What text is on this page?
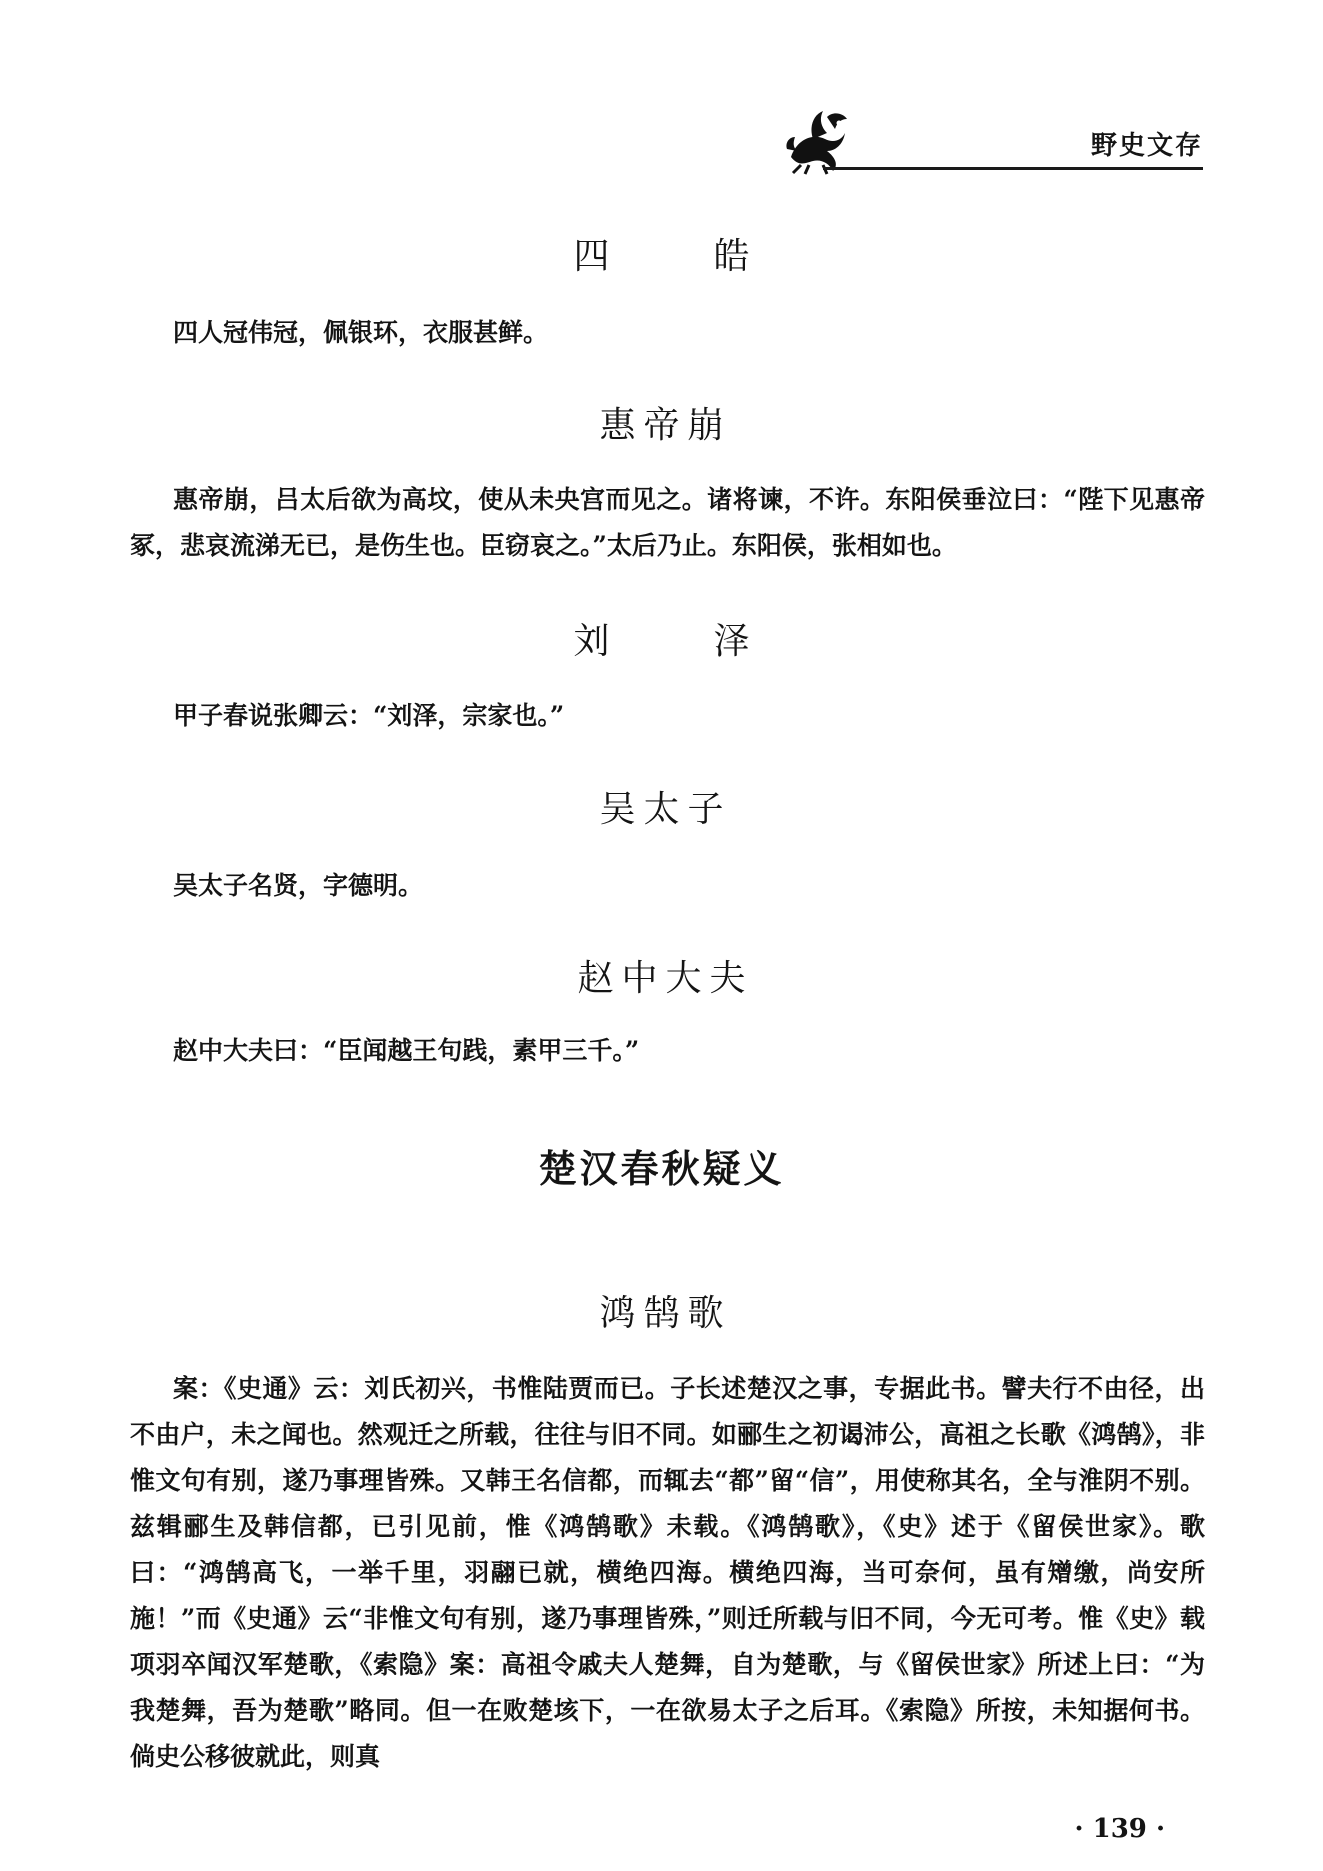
野史文存
四　皓

四人冠伟冠，佩银环，衣服甚鲜。

惠帝崩

惠帝崩，吕太后欲为高坟，使从未央宫而见之。诸将谏，不许。东阳侯垂泣曰：“陛下见惠帝冢，悲哀流涕无已，是伤生也。臣窃哀之。”太后乃止。东阳侯，张相如也。

刘　泽

甲子春说张卿云：“刘泽，宗家也。”

吴太子

吴太子名贤，字德明。

赵中大夫

赵中大夫曰：“臣闻越王句践，素甲三千。”

楚汉春秋疑义
鸿鹄歌

案：《史通》云：刘氏初兴，书惟陆贾而已。子长述楚汉之事，专据此书。譬夫行不由径，出不由户，未之闻也。然观迁之所载，往往与旧不同。如郦生之初谒沛公，高祖之长歌《鸿鹄》，非惟文句有别，遂乃事理皆殊。又韩王名信都，而辄去“都”留“信”，用使称其名，全与淮阴不别。兹辑郦生及韩信都，已引见前，惟《鸿鹄歌》未载。《鸿鹄歌》，《史》述于《留侯世家》。歌曰：“鸿鹄高飞，一举千里，羽翮已就，横绝四海。横绝四海，当可奈何，虽有矰缴，尚安所施！”而《史通》云“非惟文句有别，遂乃事理皆殊，”则迁所载与旧不同，今无可考。惟《史》载项羽卒闻汉军楚歌，《索隐》案：高祖令戚夫人楚舞，自为楚歌，与《留侯世家》所述上曰：“为我楚舞，吾为楚歌”略同。但一在败楚垓下，一在欲易太子之后耳。《索隐》所按，未知据何书。倘史公移彼就此，则真

· 139 ·
